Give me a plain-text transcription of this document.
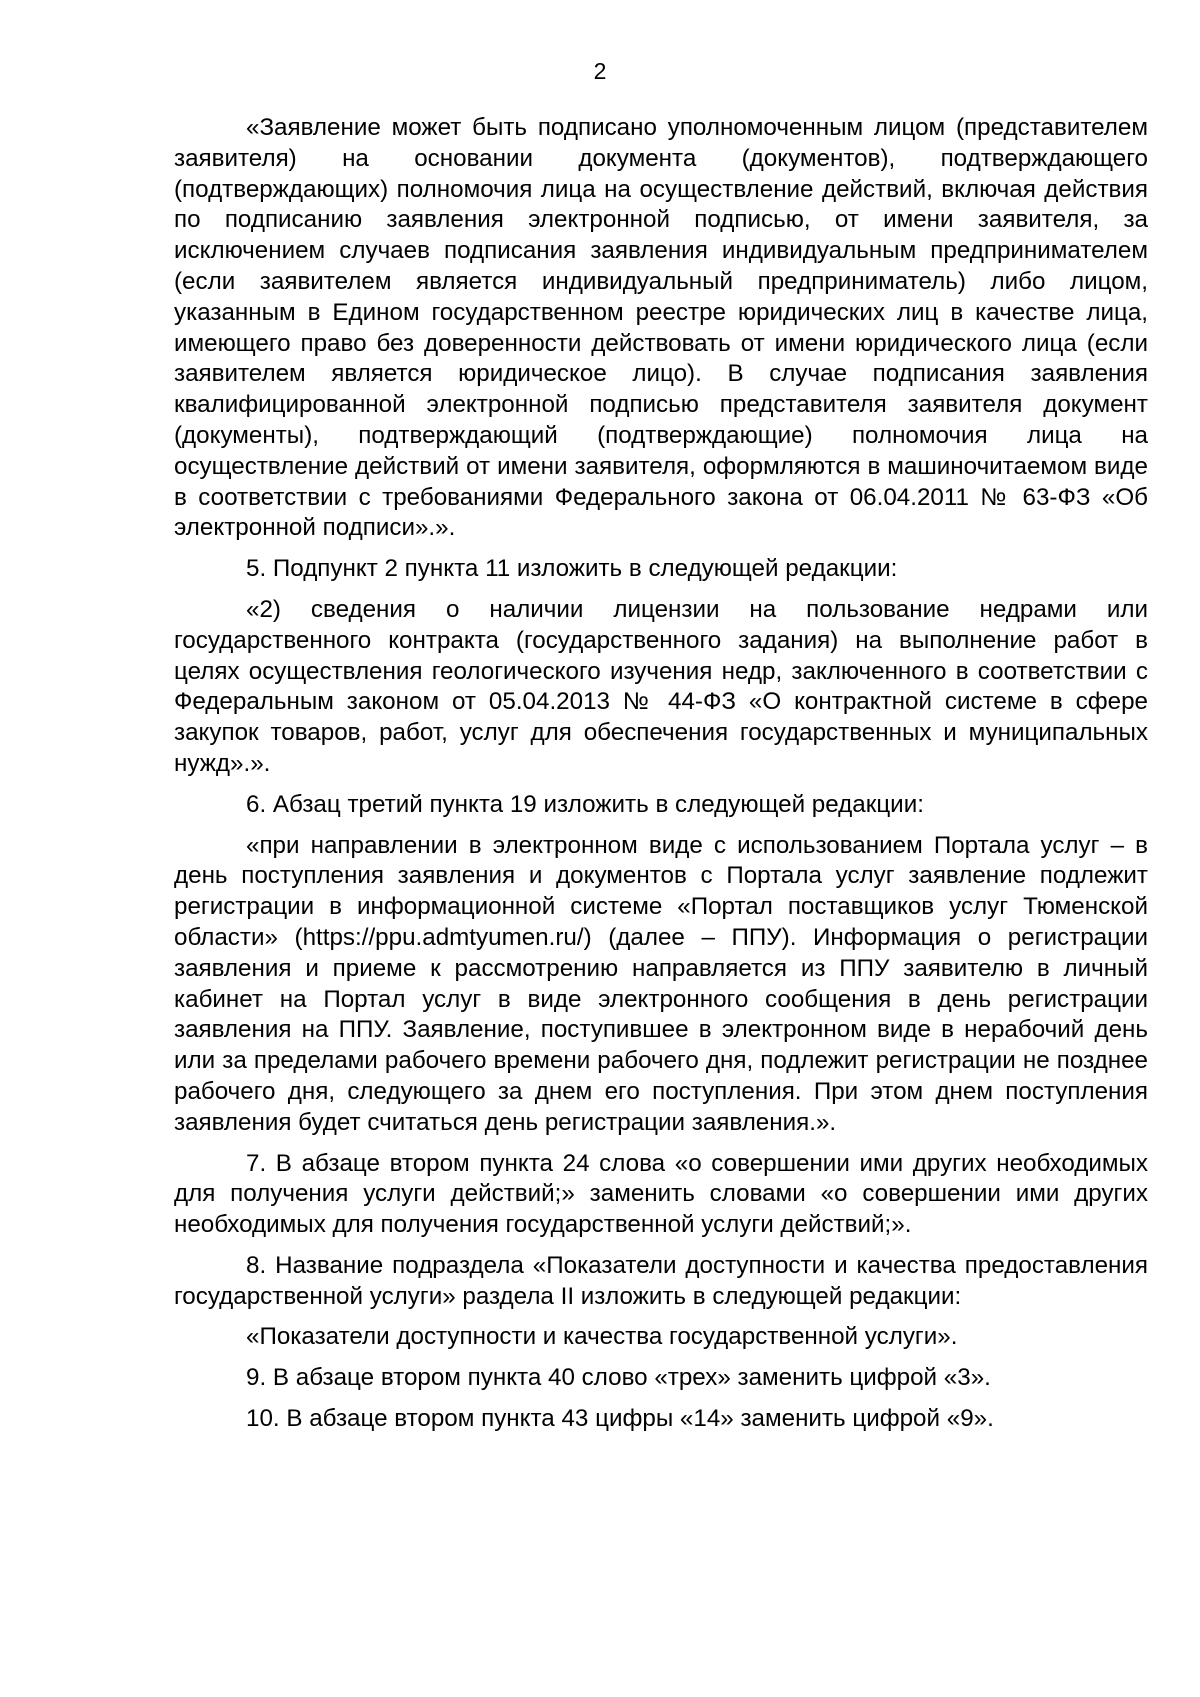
2

«Заявление может быть подписано уполномоченным лицом (представителем заявителя) на основании документа (документов), подтверждающего (подтверждающих) полномочия лица на осуществление действий, включая действия по подписанию заявления электронной подписью, от имени заявителя, за исключением случаев подписания заявления индивидуальным предпринимателем (если заявителем является индивидуальный предприниматель) либо лицом, указанным в Едином государственном реестре юридических лиц в качестве лица, имеющего право без доверенности действовать от имени юридического лица (если заявителем является юридическое лицо). В случае подписания заявления квалифицированной электронной подписью представителя заявителя документ (документы), подтверждающий (подтверждающие) полномочия лица на осуществление действий от имени заявителя, оформляются в машиночитаемом виде в соответствии с требованиями Федерального закона от 06.04.2011 № 63-ФЗ «Об электронной подписи».».

5. Подпункт 2 пункта 11 изложить в следующей редакции:

«2) сведения о наличии лицензии на пользование недрами или государственного контракта (государственного задания) на выполнение работ в целях осуществления геологического изучения недр, заключенного в соответствии с Федеральным законом от 05.04.2013 № 44-ФЗ «О контрактной системе в сфере закупок товаров, работ, услуг для обеспечения государственных и муниципальных нужд».».

6. Абзац третий пункта 19 изложить в следующей редакции:

«при направлении в электронном виде с использованием Портала услуг – в день поступления заявления и документов с Портала услуг заявление подлежит регистрации в информационной системе «Портал поставщиков услуг Тюменской области» (https://ppu.admtyumen.ru/) (далее – ППУ). Информация о регистрации заявления и приеме к рассмотрению направляется из ППУ заявителю в личный кабинет на Портал услуг в виде электронного сообщения в день регистрации заявления на ППУ. Заявление, поступившее в электронном виде в нерабочий день или за пределами рабочего времени рабочего дня, подлежит регистрации не позднее рабочего дня, следующего за днем его поступления. При этом днем поступления заявления будет считаться день регистрации заявления.».

7. В абзаце втором пункта 24 слова «о совершении ими других необходимых для получения услуги действий;» заменить словами «о совершении ими других необходимых для получения государственной услуги действий;».

8. Название подраздела «Показатели доступности и качества предоставления государственной услуги» раздела II изложить в следующей редакции:

«Показатели доступности и качества государственной услуги».

9. В абзаце втором пункта 40 слово «трех» заменить цифрой «3».

10. В абзаце втором пункта 43 цифры «14» заменить цифрой «9».
